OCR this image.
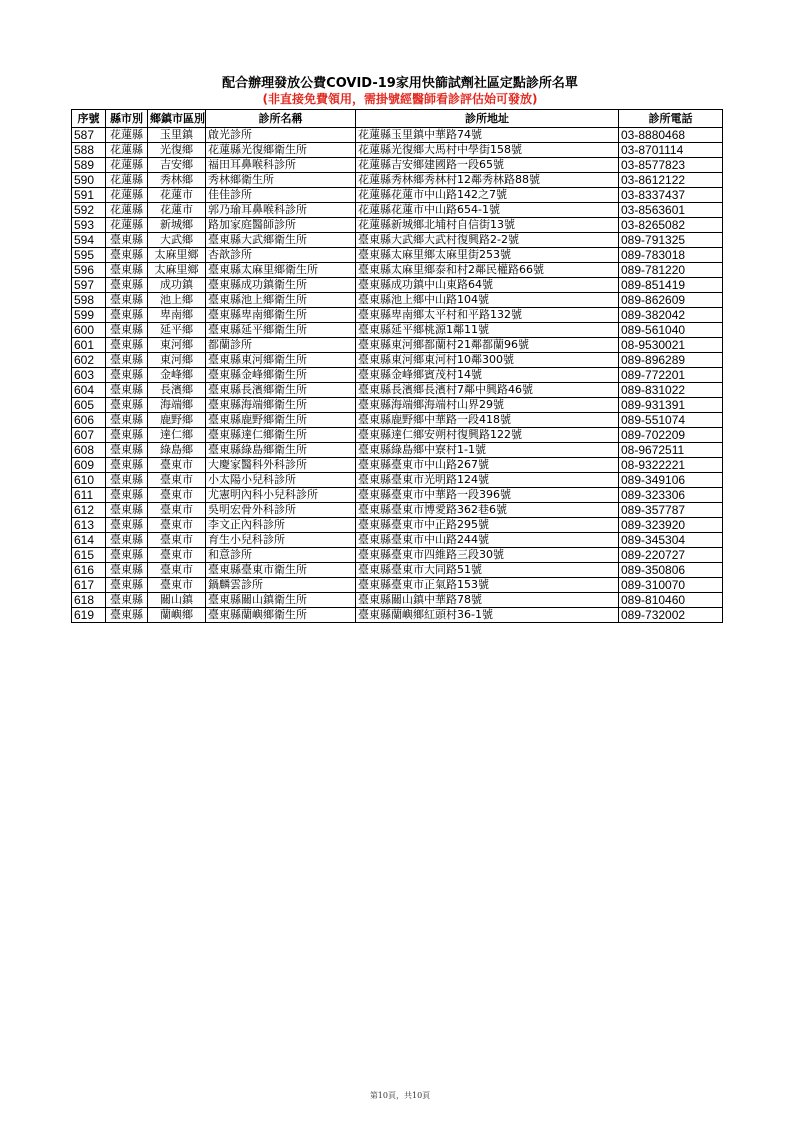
配合辦理發放公費COVID-19家用快篩試劑社區定點診所名單
(非直接免費領用，需掛號經醫師看診評估始可發放)
序號	縣市別	鄉鎮市區別	診所名稱	診所地址	診所電話
587	花蓮縣	玉里鎮	啟光診所	花蓮縣玉里鎮中華路74號	03-8880468
588	花蓮縣	光復鄉	花蓮縣光復鄉衛生所	花蓮縣光復鄉大馬村中學街158號	03-8701114
589	花蓮縣	吉安鄉	福田耳鼻喉科診所	花蓮縣吉安鄉建國路一段65號	03-8577823
590	花蓮縣	秀林鄉	秀林鄉衛生所	花蓮縣秀林鄉秀林村12鄰秀林路88號	03-8612122
591	花蓮縣	花蓮市	佳佳診所	花蓮縣花蓮市中山路142之7號	03-8337437
592	花蓮縣	花蓮市	郭乃瑜耳鼻喉科診所	花蓮縣花蓮市中山路654-1號	03-8563601
593	花蓮縣	新城鄉	路加家庭醫師診所	花蓮縣新城鄉北埔村自信街13號	03-8265082
594	臺東縣	大武鄉	臺東縣大武鄉衛生所	臺東縣大武鄉大武村復興路2-2號	089-791325
595	臺東縣	太麻里鄉	杏歆診所	臺東縣太麻里鄉太麻里街253號	089-783018
596	臺東縣	太麻里鄉	臺東縣太麻里鄉衛生所	臺東縣太麻里鄉泰和村2鄰民權路66號	089-781220
597	臺東縣	成功鎮	臺東縣成功鎮衛生所	臺東縣成功鎮中山東路64號	089-851419
598	臺東縣	池上鄉	臺東縣池上鄉衛生所	臺東縣池上鄉中山路104號	089-862609
599	臺東縣	卑南鄉	臺東縣卑南鄉衛生所	臺東縣卑南鄉太平村和平路132號	089-382042
600	臺東縣	延平鄉	臺東縣延平鄉衛生所	臺東縣延平鄉桃源1鄰11號	089-561040
601	臺東縣	東河鄉	都蘭診所	臺東縣東河鄉都蘭村21鄰都蘭96號	08-9530021
602	臺東縣	東河鄉	臺東縣東河鄉衛生所	臺東縣東河鄉東河村10鄰300號	089-896289
603	臺東縣	金峰鄉	臺東縣金峰鄉衛生所	臺東縣金峰鄉賓茂村14號	089-772201
604	臺東縣	長濱鄉	臺東縣長濱鄉衛生所	臺東縣長濱鄉長濱村7鄰中興路46號	089-831022
605	臺東縣	海端鄉	臺東縣海端鄉衛生所	臺東縣海端鄉海端村山界29號	089-931391
606	臺東縣	鹿野鄉	臺東縣鹿野鄉衛生所	臺東縣鹿野鄉中華路一段418號	089-551074
607	臺東縣	達仁鄉	臺東縣達仁鄉衛生所	臺東縣達仁鄉安朔村復興路122號	089-702209
608	臺東縣	綠島鄉	臺東縣綠島鄉衛生所	臺東縣綠島鄉中寮村1-1號	08-9672511
609	臺東縣	臺東市	大慶家醫科外科診所	臺東縣臺東市中山路267號	08-9322221
610	臺東縣	臺東市	小太陽小兒科診所	臺東縣臺東市光明路124號	089-349106
611	臺東縣	臺東市	尤憲明內科小兒科診所	臺東縣臺東市中華路一段396號	089-323306
612	臺東縣	臺東市	吳明宏骨外科診所	臺東縣臺東市博愛路362巷6號	089-357787
613	臺東縣	臺東市	李文正內科診所	臺東縣臺東市中正路295號	089-323920
614	臺東縣	臺東市	育生小兒科診所	臺東縣臺東市中山路244號	089-345304
615	臺東縣	臺東市	和意診所	臺東縣臺東市四維路三段30號	089-220727
616	臺東縣	臺東市	臺東縣臺東市衛生所	臺東縣臺東市大同路51號	089-350806
617	臺東縣	臺東市	鍋麟雲診所	臺東縣臺東市正氣路153號	089-310070
618	臺東縣	關山鎮	臺東縣關山鎮衛生所	臺東縣關山鎮中華路78號	089-810460
619	臺東縣	蘭嶼鄉	臺東縣蘭嶼鄉衛生所	臺東縣蘭嶼鄉紅頭村36-1號	089-732002
第10頁，共10頁
